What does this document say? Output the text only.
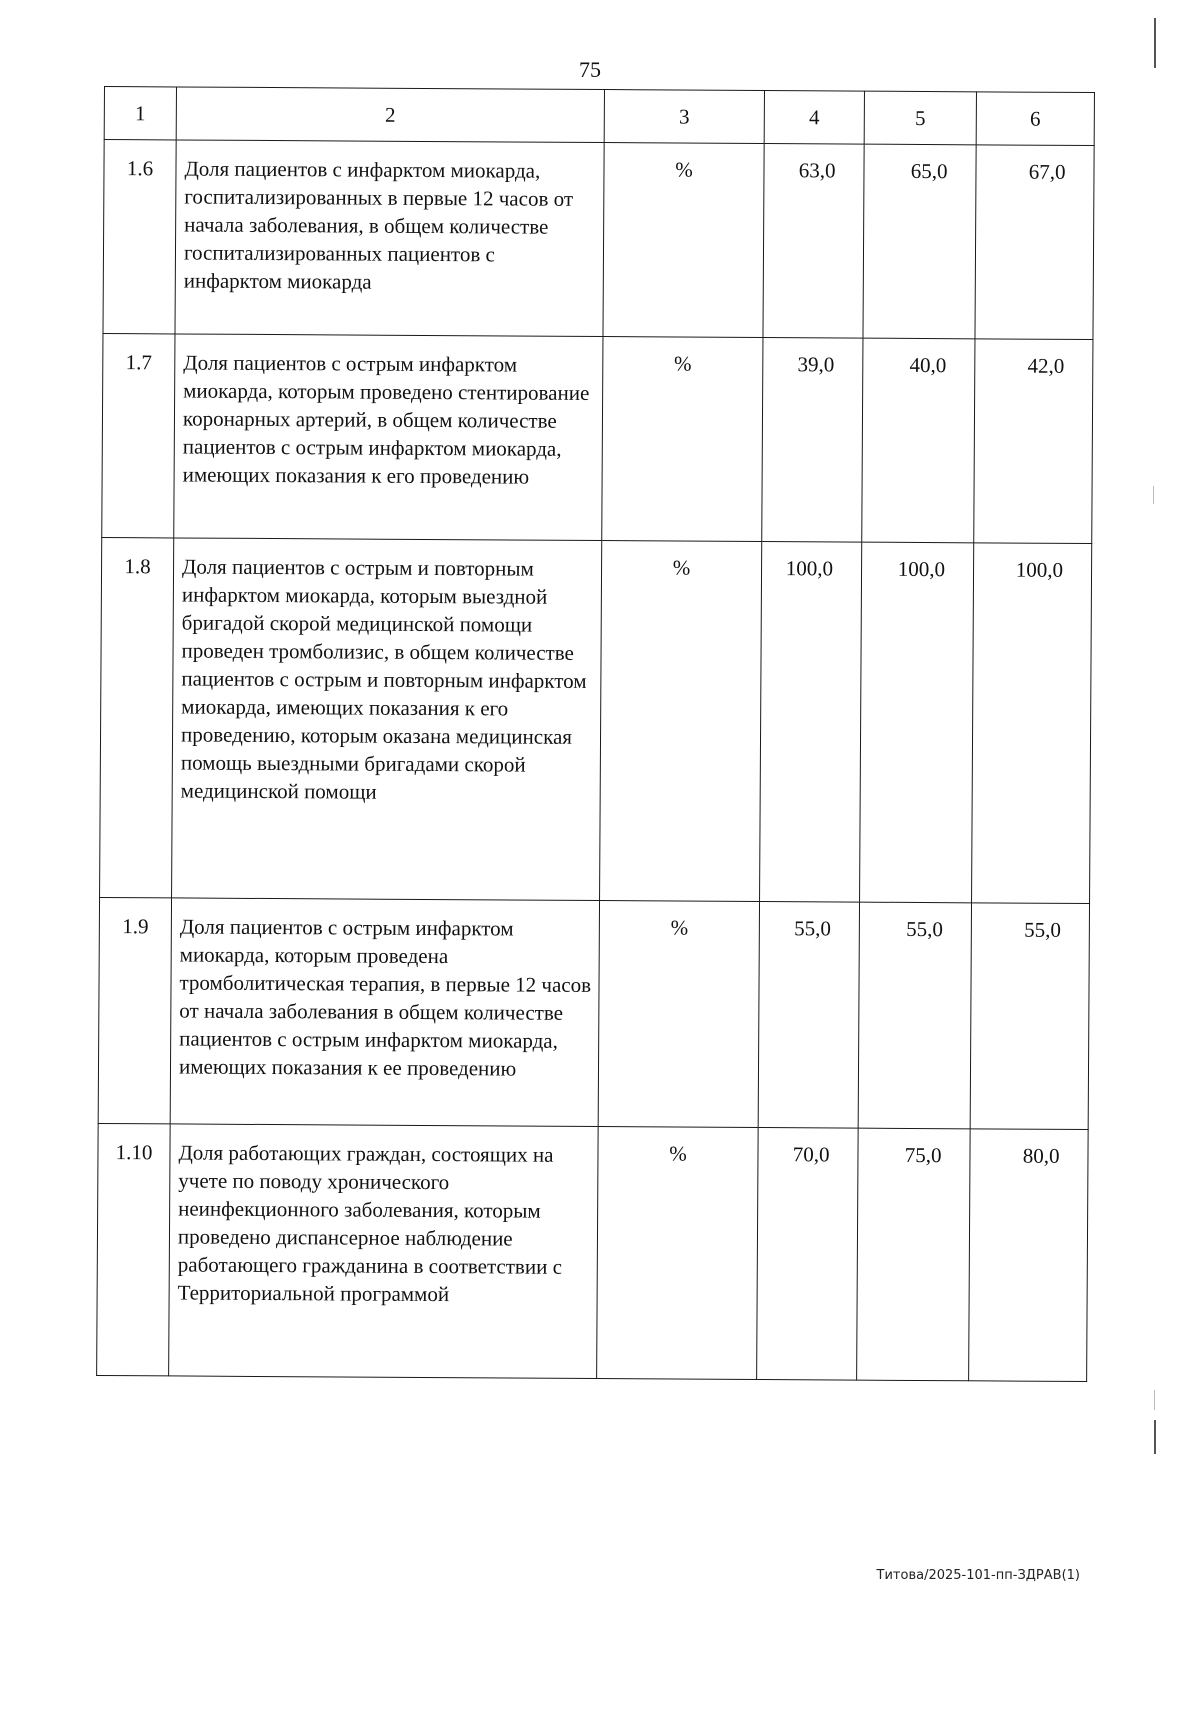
75
1	2	3	4	5	6
1.6	Доля пациентов с инфарктом миокарда, госпитализированных в первые 12 часов от начала заболевания, в общем количестве госпитализированных пациентов с инфарктом миокарда	%	63,0	65,0	67,0
1.7	Доля пациентов с острым инфарктом миокарда, которым проведено стентирование коронарных артерий, в общем количестве пациентов с острым инфарктом миокарда, имеющих показания к его проведению	%	39,0	40,0	42,0
1.8	Доля пациентов с острым и повторным инфарктом миокарда, которым выездной бригадой скорой медицинской помощи проведен тромболизис, в общем количестве пациентов с острым и повторным инфарктом миокарда, имеющих показания к его проведению, которым оказана медицинская помощь выездными бригадами скорой медицинской помощи	%	100,0	100,0	100,0
1.9	Доля пациентов с острым инфарктом миокарда, которым проведена тромболитическая терапия, в первые 12 часов от начала заболевания в общем количестве пациентов с острым инфарктом миокарда, имеющих показания к ее проведению	%	55,0	55,0	55,0
1.10	Доля работающих граждан, состоящих на учете по поводу хронического неинфекционного заболевания, которым проведено диспансерное наблюдение работающего гражданина в соответствии с Территориальной программой	%	70,0	75,0	80,0
Титова/2025-101-пп-ЗДРАВ(1)
